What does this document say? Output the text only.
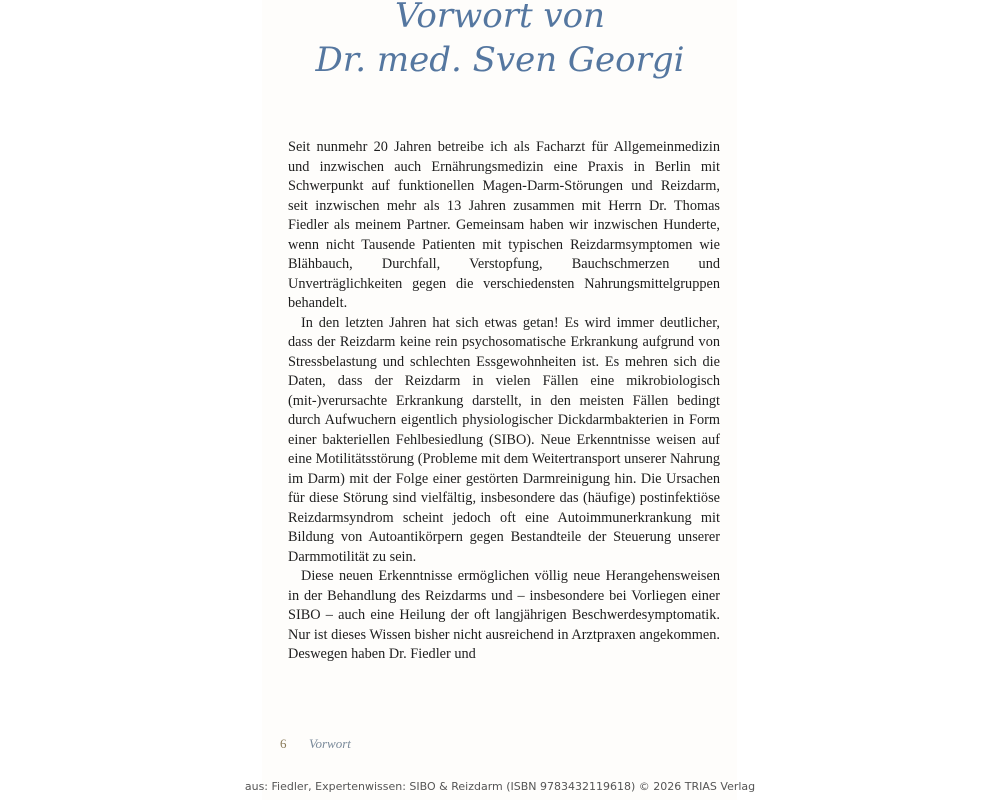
Vorwort von
Dr. med. Sven Georgi

Seit nunmehr 20 Jahren betreibe ich als Facharzt für Allgemeinmedizin und inzwischen auch Ernährungsmedizin eine Praxis in Berlin mit Schwerpunkt auf funktionellen Magen-Darm-Störungen und Reizdarm, seit inzwischen mehr als 13 Jahren zusammen mit Herrn Dr. Thomas Fiedler als meinem Partner. Gemeinsam haben wir inzwischen Hunderte, wenn nicht Tausende Patienten mit typischen Reizdarmsymptomen wie Blähbauch, Durchfall, Verstopfung, Bauchschmerzen und Unverträglichkeiten gegen die verschiedensten Nahrungsmittelgruppen behandelt.

In den letzten Jahren hat sich etwas getan! Es wird immer deutlicher, dass der Reizdarm keine rein psychosomatische Erkrankung aufgrund von Stressbelastung und schlechten Essgewohnheiten ist. Es mehren sich die Daten, dass der Reizdarm in vielen Fällen eine mikrobiologisch (mit-)verursachte Erkrankung darstellt, in den meisten Fällen bedingt durch Aufwuchern eigentlich physiologischer Dickdarmbakterien in Form einer bakteriellen Fehlbesiedlung (SIBO). Neue Erkenntnisse weisen auf eine Motilitätsstörung (Probleme mit dem Weitertransport unserer Nahrung im Darm) mit der Folge einer gestörten Darmreinigung hin. Die Ursachen für diese Störung sind vielfältig, insbesondere das (häufige) postinfektiöse Reizdarmsyndrom scheint jedoch oft eine Autoimmunerkrankung mit Bildung von Autoantikörpern gegen Bestandteile der Steuerung unserer Darmmotilität zu sein.

Diese neuen Erkenntnisse ermöglichen völlig neue Herangehensweisen in der Behandlung des Reizdarms und – insbesondere bei Vorliegen einer SIBO – auch eine Heilung der oft langjährigen Beschwerdesymptomatik. Nur ist dieses Wissen bisher nicht ausreichend in Arztpraxen angekommen. Deswegen haben Dr. Fiedler und

6 Vorwort
aus: Fiedler, Expertenwissen: SIBO & Reizdarm (ISBN 9783432119618) © 2026 TRIAS Verlag
